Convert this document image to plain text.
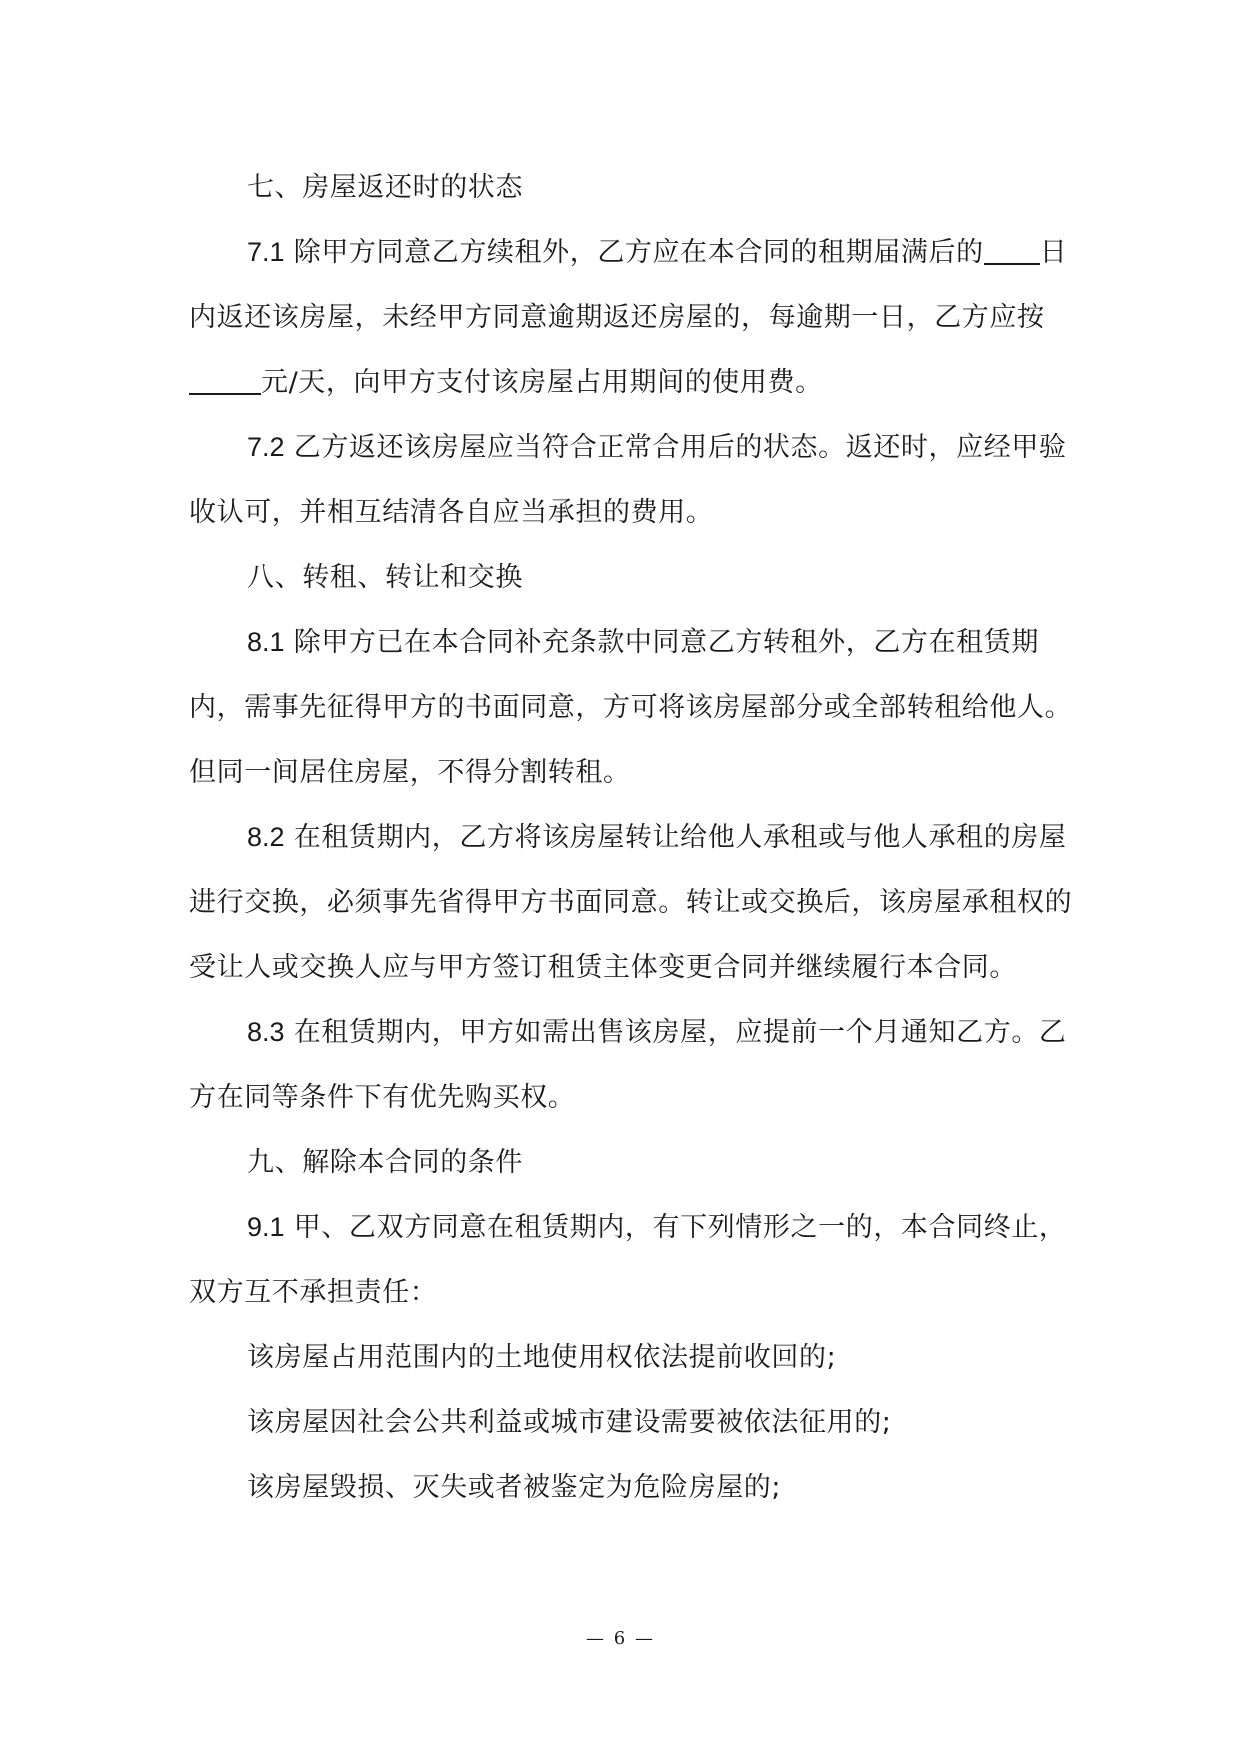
七、房屋返还时的状态

7.1 除甲方同意乙方续租外，乙方应在本合同的租期届满后的 日内返还该房屋，未经甲方同意逾期返还房屋的，每逾期一日，乙方应按元/天，向甲方支付该房屋占用期间的使用费。

7.2 乙方返还该房屋应当符合正常合用后的状态。返还时，应经甲验收认可，并相互结清各自应当承担的费用。

八、转租、转让和交换

8.1 除甲方已在本合同补充条款中同意乙方转租外，乙方在租赁期内，需事先征得甲方的书面同意，方可将该房屋部分或全部转租给他人。但同一间居住房屋，不得分割转租。

8.2 在租赁期内，乙方将该房屋转让给他人承租或与他人承租的房屋进行交换，必须事先省得甲方书面同意。转让或交换后，该房屋承租权的受让人或交换人应与甲方签订租赁主体变更合同并继续履行本合同。

8.3 在租赁期内，甲方如需出售该房屋，应提前一个月通知乙方。乙方在同等条件下有优先购买权。

九、解除本合同的条件

9.1 甲、乙双方同意在租赁期内，有下列情形之一的，本合同终止，双方互不承担责任：

该房屋占用范围内的土地使用权依法提前收回的;

该房屋因社会公共利益或城市建设需要被依法征用的;

该房屋毁损、灭失或者被鉴定为危险房屋的;

— 6 —
